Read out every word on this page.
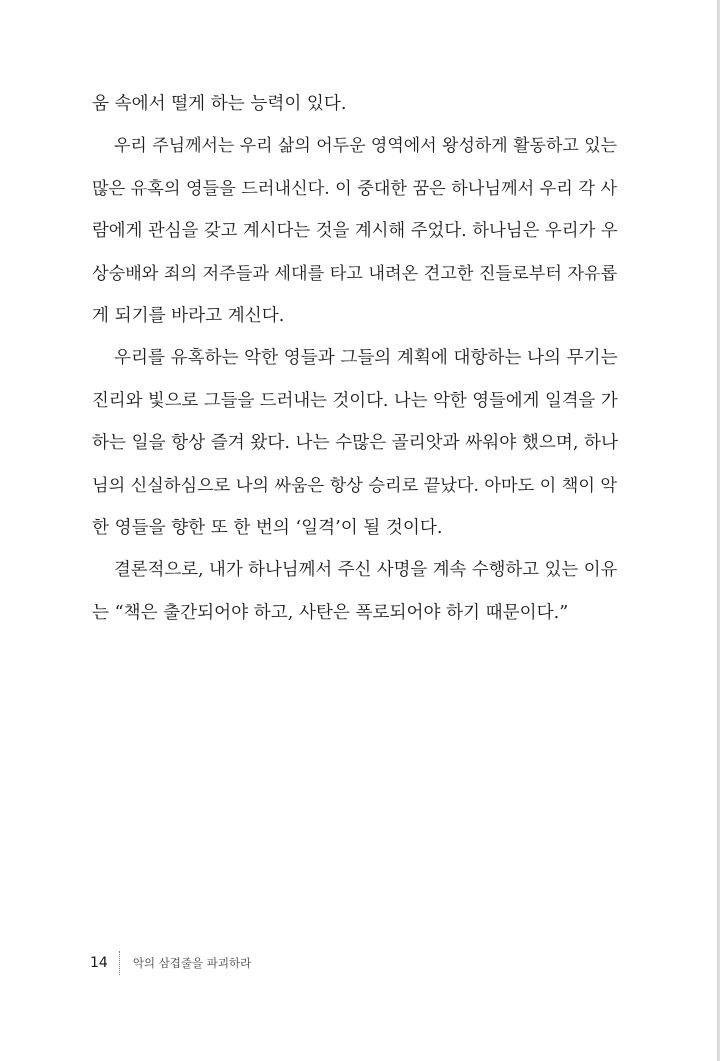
움 속에서 떨게 하는 능력이 있다.

우리 주님께서는 우리 삶의 어두운 영역에서 왕성하게 활동하고 있는

많은 유혹의 영들을 드러내신다. 이 중대한 꿈은 하나님께서 우리 각 사

람에게 관심을 갖고 계시다는 것을 계시해 주었다. 하나님은 우리가 우

상숭배와 죄의 저주들과 세대를 타고 내려온 견고한 진들로부터 자유롭

게 되기를 바라고 계신다.

우리를 유혹하는 악한 영들과 그들의 계획에 대항하는 나의 무기는

진리와 빛으로 그들을 드러내는 것이다. 나는 악한 영들에게 일격을 가

하는 일을 항상 즐겨 왔다. 나는 수많은 골리앗과 싸워야 했으며, 하나

님의 신실하심으로 나의 싸움은 항상 승리로 끝났다. 아마도 이 책이 악

한 영들을 향한 또 한 번의 ‘일격’이 될 것이다.

결론적으로, 내가 하나님께서 주신 사명을 계속 수행하고 있는 이유

는 “책은 출간되어야 하고, 사탄은 폭로되어야 하기 때문이다.”

14 악의 삼겹줄을 파괴하라
